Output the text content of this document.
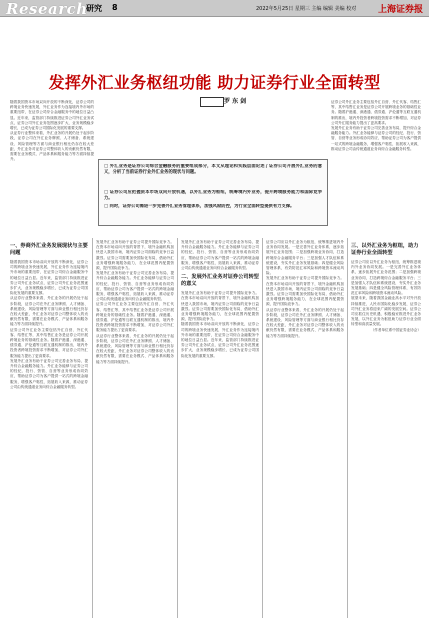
Research
研究 8	2022年5月25日 星期三 主编 编辑 美编 校对 上海证券报
发挥外汇业务枢纽功能 助力证券行业全面转型
罗 东 剑

随着我国资本市场双向开放的不断深化，证券公司的跨境业务快速发展，外汇业务作为连接境内外市场的重要纽带，在证券公司综合金融服务中的地位日益凸显。近年来，监管部门持续推进证券公司外汇业务试点，证券公司外汇业务范围逐步扩大，业务规模稳步增长，已成为证券公司国际化发展的重要支撑。

从证券行业整体来看，外汇业务的开展仍处于起步阶段，证券公司在外汇业务牌照、人才储备、系统建设、风险管理等方面与商业银行相比仍存在较大差距，外汇业务对证券公司整体收入的贡献仍然有限，需要在业务模式、产品体系和服务能力等方面持续提升。

□ 外汇业务是证券公司综合金融服务的重要组成部分，本文从理论和实践层面论述了证券公司开展外汇业务的意义，分析了当前证券行业外汇业务的现状与问题。

□ 证券公司应把握资本市场双向开放机遇，以外汇业务为枢纽，统筹境内外业务，提升跨境服务能力和国际竞争力。

□ 同时，证券公司需进一步完善外汇业务管理体系，加强风险防控，为行业全面转型提供有力支撑。

证券公司外汇业务主要包括外汇自营、外汇代客、结售汇等，其中结售汇业务是证券公司开展跨境业务的基础性业务。随着沪港通、深港通、债券通、沪伦通等互联互通机制的推出，境内外投资者跨境投资需求不断增加，对证券公司外汇服务能力提出了更高要求。

发展外汇业务有助于证券公司完善业务布局，提升综合金融服务能力。外汇业务能够与证券公司的经纪、投行、资管、自营等业务形成协同效应，帮助证券公司为客户提供一站式的跨境金融服务，增强客户黏性，拓展收入来源，推动证券公司由传统通道业务向综合金融服务转型。

一、券商外汇业务发展现状与主要问题

随着我国资本市场双向开放的不断深化，证券公司的跨境业务快速发展，外汇业务作为连接境内外市场的重要纽带，在证券公司综合金融服务中的地位日益凸显。近年来，监管部门持续推进证券公司外汇业务试点，证券公司外汇业务范围逐步扩大，业务规模稳步增长，已成为证券公司国际化发展的重要支撑。

从证券行业整体来看，外汇业务的开展仍处于起步阶段，证券公司在外汇业务牌照、人才储备、系统建设、风险管理等方面与商业银行相比仍存在较大差距，外汇业务对证券公司整体收入的贡献仍然有限，需要在业务模式、产品体系和服务能力等方面持续提升。

证券公司外汇业务主要包括外汇自营、外汇代客、结售汇等，其中结售汇业务是证券公司开展跨境业务的基础性业务。随着沪港通、深港通、债券通、沪伦通等互联互通机制的推出，境内外投资者跨境投资需求不断增加，对证券公司外汇服务能力提出了更高要求。

发展外汇业务有助于证券公司完善业务布局，提升综合金融服务能力。外汇业务能够与证券公司的经纪、投行、资管、自营等业务形成协同效应，帮助证券公司为客户提供一站式的跨境金融服务，增强客户黏性，拓展收入来源，推动证券公司由传统通道业务向综合金融服务转型。

发展外汇业务有助于证券公司提升国际竞争力。在资本市场双向开放的背景下，境外金融机构加快进入我国市场，境内证券公司面临的竞争日益激烈。证券公司需要加快国际化布局，借助外汇业务增强跨境服务能力，在全球范围内配置资源，提升国际竞争力。

发展外汇业务有助于证券公司完善业务布局，提升综合金融服务能力。外汇业务能够与证券公司的经纪、投行、资管、自营等业务形成协同效应，帮助证券公司为客户提供一站式的跨境金融服务，增强客户黏性，拓展收入来源，推动证券公司由传统通道业务向综合金融服务转型。

证券公司外汇业务主要包括外汇自营、外汇代客、结售汇等，其中结售汇业务是证券公司开展跨境业务的基础性业务。随着沪港通、深港通、债券通、沪伦通等互联互通机制的推出，境内外投资者跨境投资需求不断增加，对证券公司外汇服务能力提出了更高要求。

从证券行业整体来看，外汇业务的开展仍处于起步阶段，证券公司在外汇业务牌照、人才储备、系统建设、风险管理等方面与商业银行相比仍存在较大差距，外汇业务对证券公司整体收入的贡献仍然有限，需要在业务模式、产品体系和服务能力等方面持续提升。

发展外汇业务有助于证券公司完善业务布局，提升综合金融服务能力。外汇业务能够与证券公司的经纪、投行、资管、自营等业务形成协同效应，帮助证券公司为客户提供一站式的跨境金融服务，增强客户黏性，拓展收入来源，推动证券公司由传统通道业务向综合金融服务转型。

二、发展外汇业务对证券公司转型的意义

发展外汇业务有助于证券公司提升国际竞争力。在资本市场双向开放的背景下，境外金融机构加快进入我国市场，境内证券公司面临的竞争日益激烈。证券公司需要加快国际化布局，借助外汇业务增强跨境服务能力，在全球范围内配置资源，提升国际竞争力。

随着我国资本市场双向开放的不断深化，证券公司的跨境业务快速发展，外汇业务作为连接境内外市场的重要纽带，在证券公司综合金融服务中的地位日益凸显。近年来，监管部门持续推进证券公司外汇业务试点，证券公司外汇业务范围逐步扩大，业务规模稳步增长，已成为证券公司国际化发展的重要支撑。

证券公司应以外汇业务为枢纽，统筹推进境内外业务协同发展。一是完善外汇业务体系，逐步拓展外汇业务范围；二是加强跨境业务协同，打造跨境综合金融服务平台；三是加强人才队伍和系统建设，夯实外汇业务发展基础；四是健全风险管理体系，有效防范汇率风险和跨境资本流动风险。

发展外汇业务有助于证券公司提升国际竞争力。在资本市场双向开放的背景下，境外金融机构加快进入我国市场，境内证券公司面临的竞争日益激烈。证券公司需要加快国际化布局，借助外汇业务增强跨境服务能力，在全球范围内配置资源，提升国际竞争力。

从证券行业整体来看，外汇业务的开展仍处于起步阶段，证券公司在外汇业务牌照、人才储备、系统建设、风险管理等方面与商业银行相比仍存在较大差距，外汇业务对证券公司整体收入的贡献仍然有限，需要在业务模式、产品体系和服务能力等方面持续提升。

三、以外汇业务为枢纽，助力证券行业全面转型

证券公司应以外汇业务为枢纽，统筹推进境内外业务协同发展。一是完善外汇业务体系，逐步拓展外汇业务范围；二是加强跨境业务协同，打造跨境综合金融服务平台；三是加强人才队伍和系统建设，夯实外汇业务发展基础；四是健全风险管理体系，有效防范汇率风险和跨境资本流动风险。

展望未来，随着我国金融业高水平对外开放持续推进，人民币国际化稳步发展，证券公司外汇业务将迎来广阔的发展空间。证券公司应抓住历史机遇，积极稳妥推进外汇业务发展，以外汇业务为枢纽助力证券行业全面转型和高质量发展。

（作者单位系中国证券业协会）
